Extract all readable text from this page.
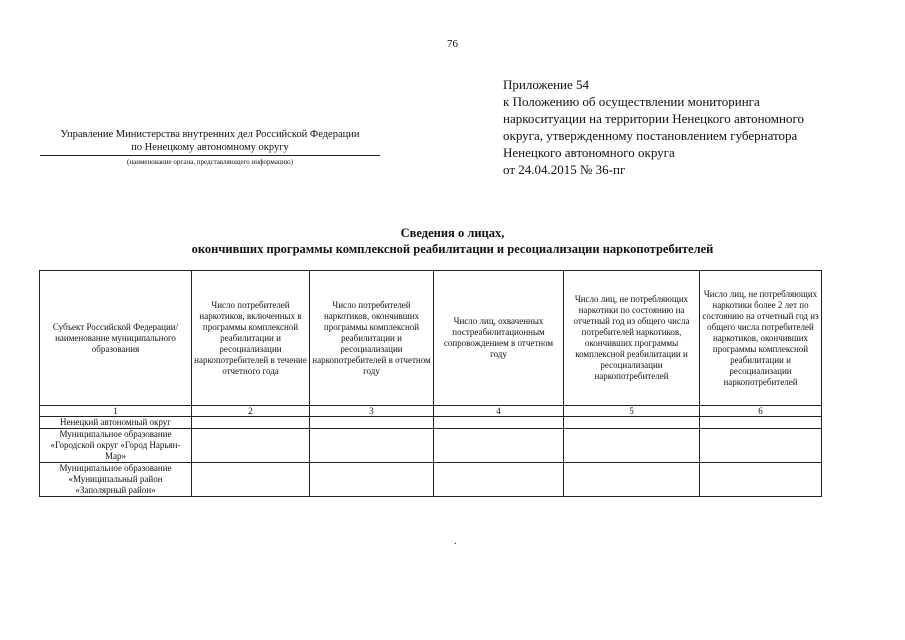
76
Приложение 54
к Положению об осуществлении мониторинга
наркоситуации на территории Ненецкого автономного
округа, утвержденному постановлением губернатора
Ненецкого автономного округа
от 24.04.2015 № 36-пг
Управление Министерства внутренних дел Российской Федерации
по Ненецкому автономному округу
(наименование органа, представляющего информацию)
Сведения о лицах,
окончивших программы комплексной реабилитации и ресоциализации наркопотребителей
Субъект Российской Федерации/ наименование муниципального образования	Число потребителей наркотиков, включенных в программы комплексной реабилитации и ресоциализации наркопотребителей в течение отчетного года	Число потребителей наркотиков, окончивших программы комплексной реабилитации и ресоциализации наркопотребителей в отчетном году	Число лиц, охваченных постреабилитационным сопровождением в отчетном году	Число лиц, не потребляющих наркотики по состоянию на отчетный год из общего числа потребителей наркотиков, окончивших программы комплексной реабилитации и ресоциализации наркопотребителей	Число лиц, не потребляющих наркотики более 2 лет по состоянию на отчетный год из общего числа потребителей наркотиков, окончивших программы комплексной реабилитации и ресоциализации наркопотребителей
1	2	3	4	5	6
Ненецкий автономный округ					
Муниципальное образование «Городской округ «Город Нарьян-Мар»					
Муниципальное образование «Муниципальный район «Заполярный район»					
.
